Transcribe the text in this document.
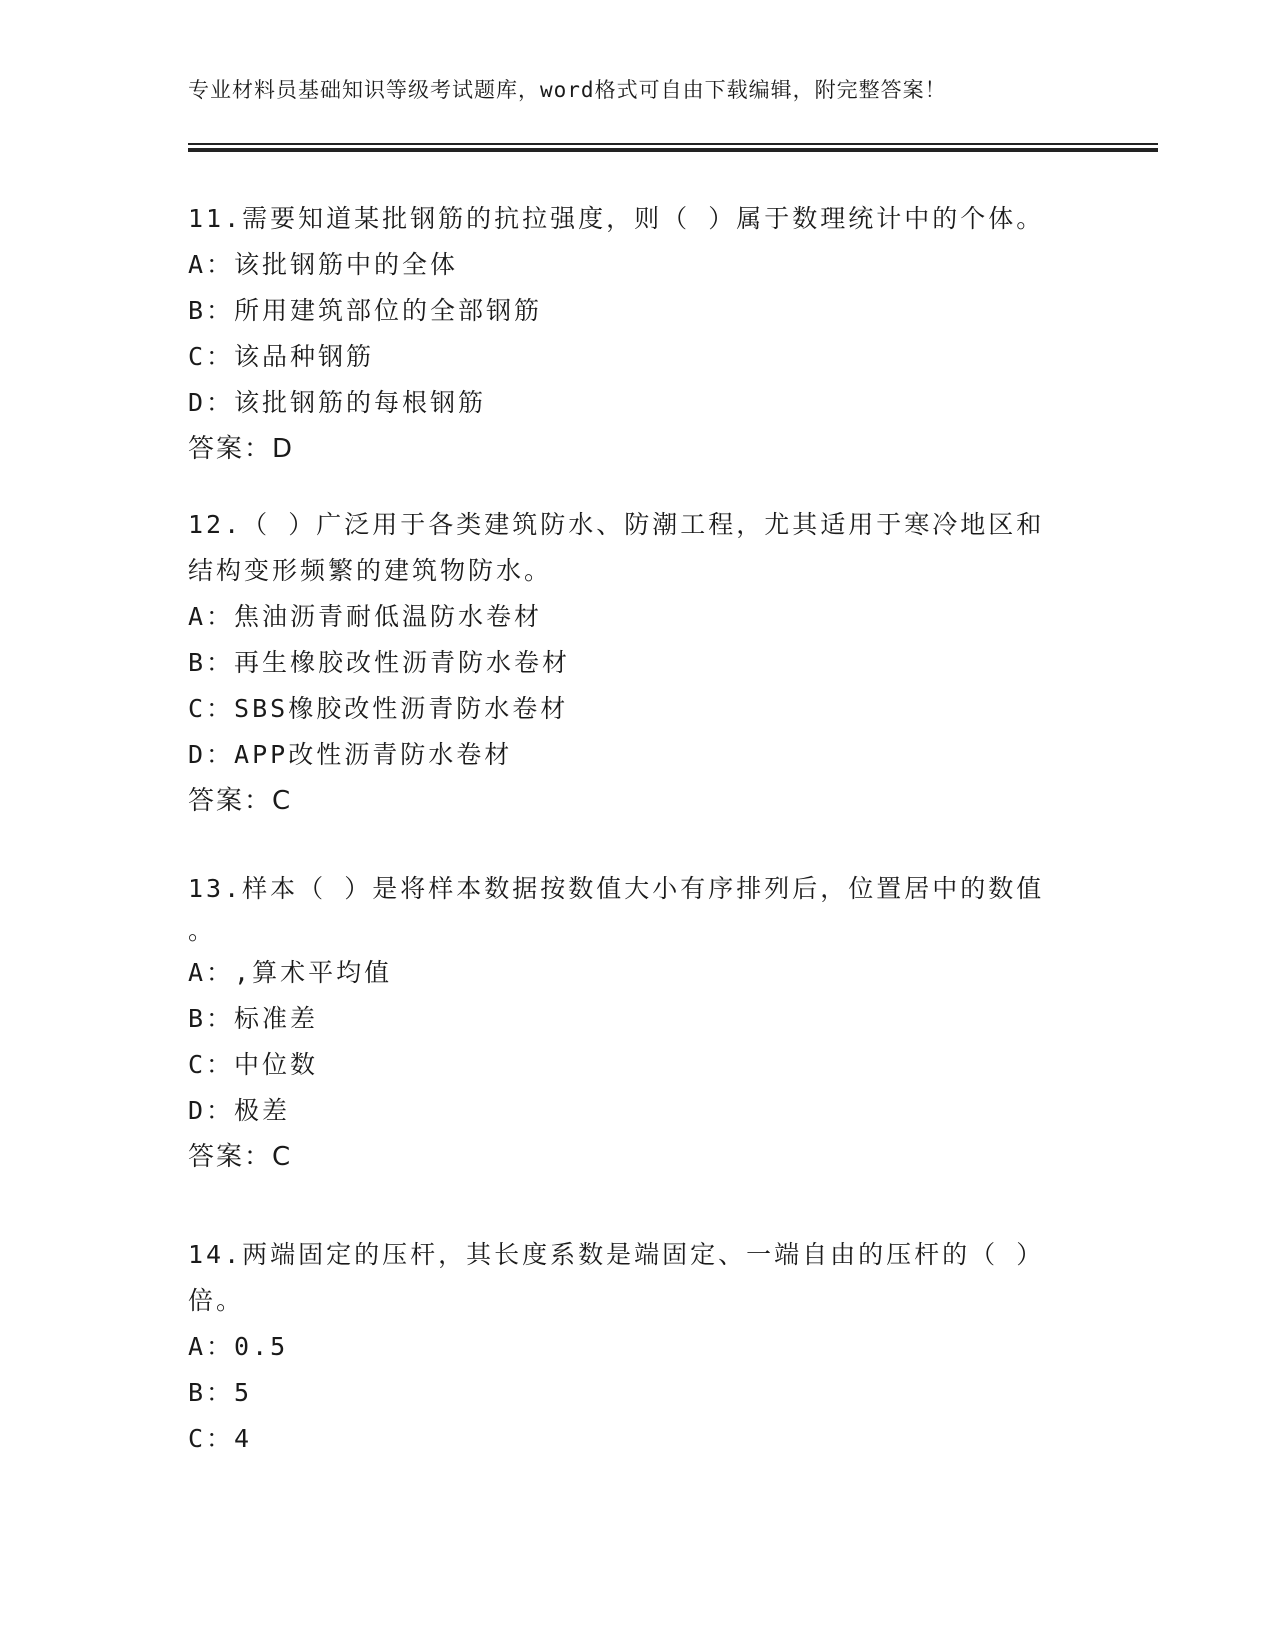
专业材料员基础知识等级考试题库，word格式可自由下载编辑，附完整答案！
11.需要知道某批钢筋的抗拉强度，则（ ）属于数理统计中的个体。
A：该批钢筋中的全体
B：所用建筑部位的全部钢筋
C：该品种钢筋
D：该批钢筋的每根钢筋
答案：D
12.（ ）广泛用于各类建筑防水、防潮工程，尤其适用于寒冷地区和
结构变形频繁的建筑物防水。
A：焦油沥青耐低温防水卷材
B：再生橡胶改性沥青防水卷材
C：SBS橡胶改性沥青防水卷材
D：APP改性沥青防水卷材
答案：C
13.样本（ ）是将样本数据按数值大小有序排列后，位置居中的数值
。
A：,算术平均值
B：标准差
C：中位数
D：极差
答案：C
14.两端固定的压杆，其长度系数是端固定、一端自由的压杆的（ ）
倍。
A：0.5
B：5
C：4
